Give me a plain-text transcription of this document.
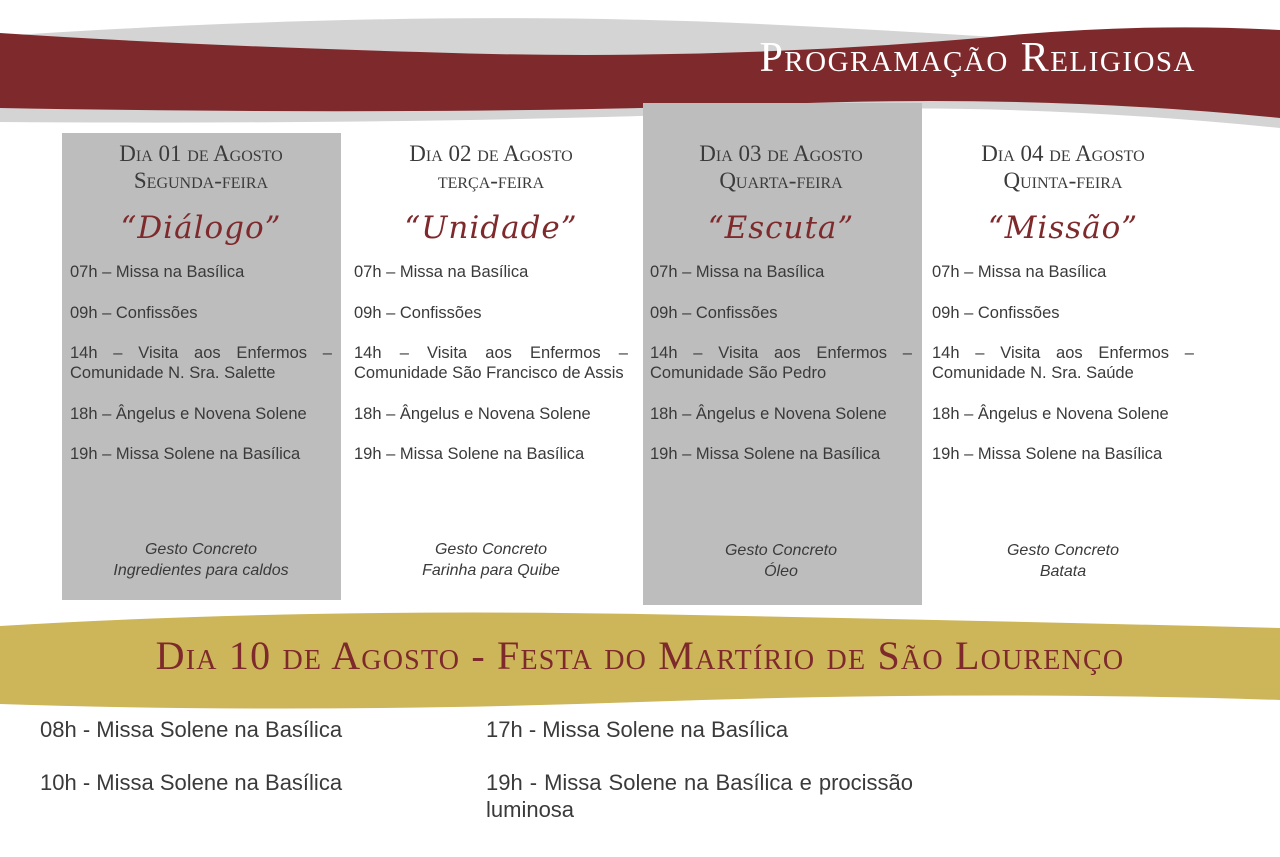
Programação Religiosa
Dia 01 de Agosto
Segunda-feira
“Diálogo”
07h – Missa na Basílica
09h – Confissões
14h – Visita aos Enfermos – Comunidade N. Sra. Salette
18h – Ângelus e Novena Solene
19h – Missa Solene na Basílica
Gesto Concreto
Ingredientes para caldos
Dia 02 de Agosto
terça-feira
“Unidade”
07h – Missa na Basílica
09h – Confissões
14h – Visita aos Enfermos – Comunidade São Francisco de Assis
18h – Ângelus e Novena Solene
19h – Missa Solene na Basílica
Gesto Concreto
Farinha para Quibe
Dia 03 de Agosto
Quarta-feira
“Escuta”
07h – Missa na Basílica
09h – Confissões
14h – Visita aos Enfermos – Comunidade São Pedro
18h – Ângelus e Novena Solene
19h – Missa Solene na Basílica
Gesto Concreto
Óleo
Dia 04 de Agosto
Quinta-feira
“Missão”
07h – Missa na Basílica
09h – Confissões
14h – Visita aos Enfermos – Comunidade N. Sra. Saúde
18h – Ângelus e Novena Solene
19h – Missa Solene na Basílica
Gesto Concreto
Batata
Dia 10 de Agosto - Festa do Martírio de São Lourenço
08h - Missa Solene na Basílica
10h - Missa Solene na Basílica
17h - Missa Solene na Basílica
19h - Missa Solene na Basílica e procissão luminosa
